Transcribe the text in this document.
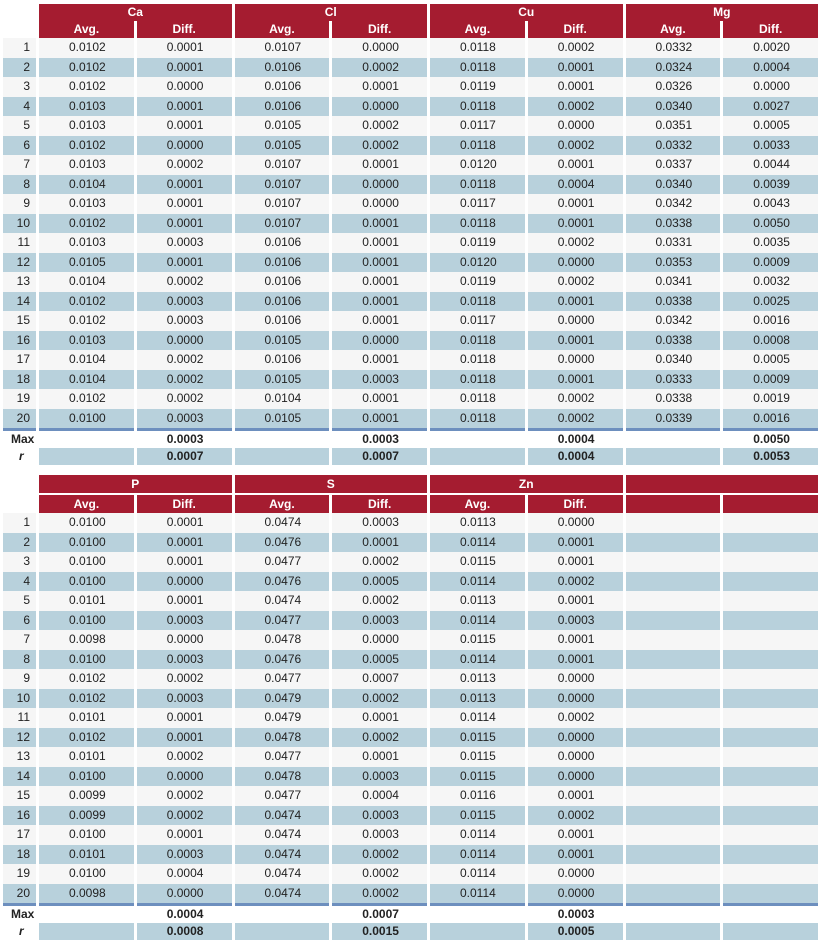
	Ca		Cl		Cu		Mg	
	Avg.	Diff.	Avg.	Diff.	Avg.	Diff.	Avg.	Diff.
1	0.0102	0.0001	0.0107	0.0000	0.0118	0.0002	0.0332	0.0020
2	0.0102	0.0001	0.0106	0.0002	0.0118	0.0001	0.0324	0.0004
3	0.0102	0.0000	0.0106	0.0001	0.0119	0.0001	0.0326	0.0000
4	0.0103	0.0001	0.0106	0.0000	0.0118	0.0002	0.0340	0.0027
5	0.0103	0.0001	0.0105	0.0002	0.0117	0.0000	0.0351	0.0005
6	0.0102	0.0000	0.0105	0.0002	0.0118	0.0002	0.0332	0.0033
7	0.0103	0.0002	0.0107	0.0001	0.0120	0.0001	0.0337	0.0044
8	0.0104	0.0001	0.0107	0.0000	0.0118	0.0004	0.0340	0.0039
9	0.0103	0.0001	0.0107	0.0000	0.0117	0.0001	0.0342	0.0043
10	0.0102	0.0001	0.0107	0.0001	0.0118	0.0001	0.0338	0.0050
11	0.0103	0.0003	0.0106	0.0001	0.0119	0.0002	0.0331	0.0035
12	0.0105	0.0001	0.0106	0.0001	0.0120	0.0000	0.0353	0.0009
13	0.0104	0.0002	0.0106	0.0001	0.0119	0.0002	0.0341	0.0032
14	0.0102	0.0003	0.0106	0.0001	0.0118	0.0001	0.0338	0.0025
15	0.0102	0.0003	0.0106	0.0001	0.0117	0.0000	0.0342	0.0016
16	0.0103	0.0000	0.0105	0.0000	0.0118	0.0001	0.0338	0.0008
17	0.0104	0.0002	0.0106	0.0001	0.0118	0.0000	0.0340	0.0005
18	0.0104	0.0002	0.0105	0.0003	0.0118	0.0001	0.0333	0.0009
19	0.0102	0.0002	0.0104	0.0001	0.0118	0.0002	0.0338	0.0019
20	0.0100	0.0003	0.0105	0.0001	0.0118	0.0002	0.0339	0.0016
Max		0.0003		0.0003		0.0004		0.0050
r		0.0007		0.0007		0.0004		0.0053
	P		S		Zn			
	Avg.	Diff.	Avg.	Diff.	Avg.	Diff.		
1	0.0100	0.0001	0.0474	0.0003	0.0113	0.0000		
2	0.0100	0.0001	0.0476	0.0001	0.0114	0.0001		
3	0.0100	0.0001	0.0477	0.0002	0.0115	0.0001		
4	0.0100	0.0000	0.0476	0.0005	0.0114	0.0002		
5	0.0101	0.0001	0.0474	0.0002	0.0113	0.0001		
6	0.0100	0.0003	0.0477	0.0003	0.0114	0.0003		
7	0.0098	0.0000	0.0478	0.0000	0.0115	0.0001		
8	0.0100	0.0003	0.0476	0.0005	0.0114	0.0001		
9	0.0102	0.0002	0.0477	0.0007	0.0113	0.0000		
10	0.0102	0.0003	0.0479	0.0002	0.0113	0.0000		
11	0.0101	0.0001	0.0479	0.0001	0.0114	0.0002		
12	0.0102	0.0001	0.0478	0.0002	0.0115	0.0000		
13	0.0101	0.0002	0.0477	0.0001	0.0115	0.0000		
14	0.0100	0.0000	0.0478	0.0003	0.0115	0.0000		
15	0.0099	0.0002	0.0477	0.0004	0.0116	0.0001		
16	0.0099	0.0002	0.0474	0.0003	0.0115	0.0002		
17	0.0100	0.0001	0.0474	0.0003	0.0114	0.0001		
18	0.0101	0.0003	0.0474	0.0002	0.0114	0.0001		
19	0.0100	0.0004	0.0474	0.0002	0.0114	0.0000		
20	0.0098	0.0000	0.0474	0.0002	0.0114	0.0000		
Max		0.0004		0.0007		0.0003		
r		0.0008		0.0015		0.0005		
